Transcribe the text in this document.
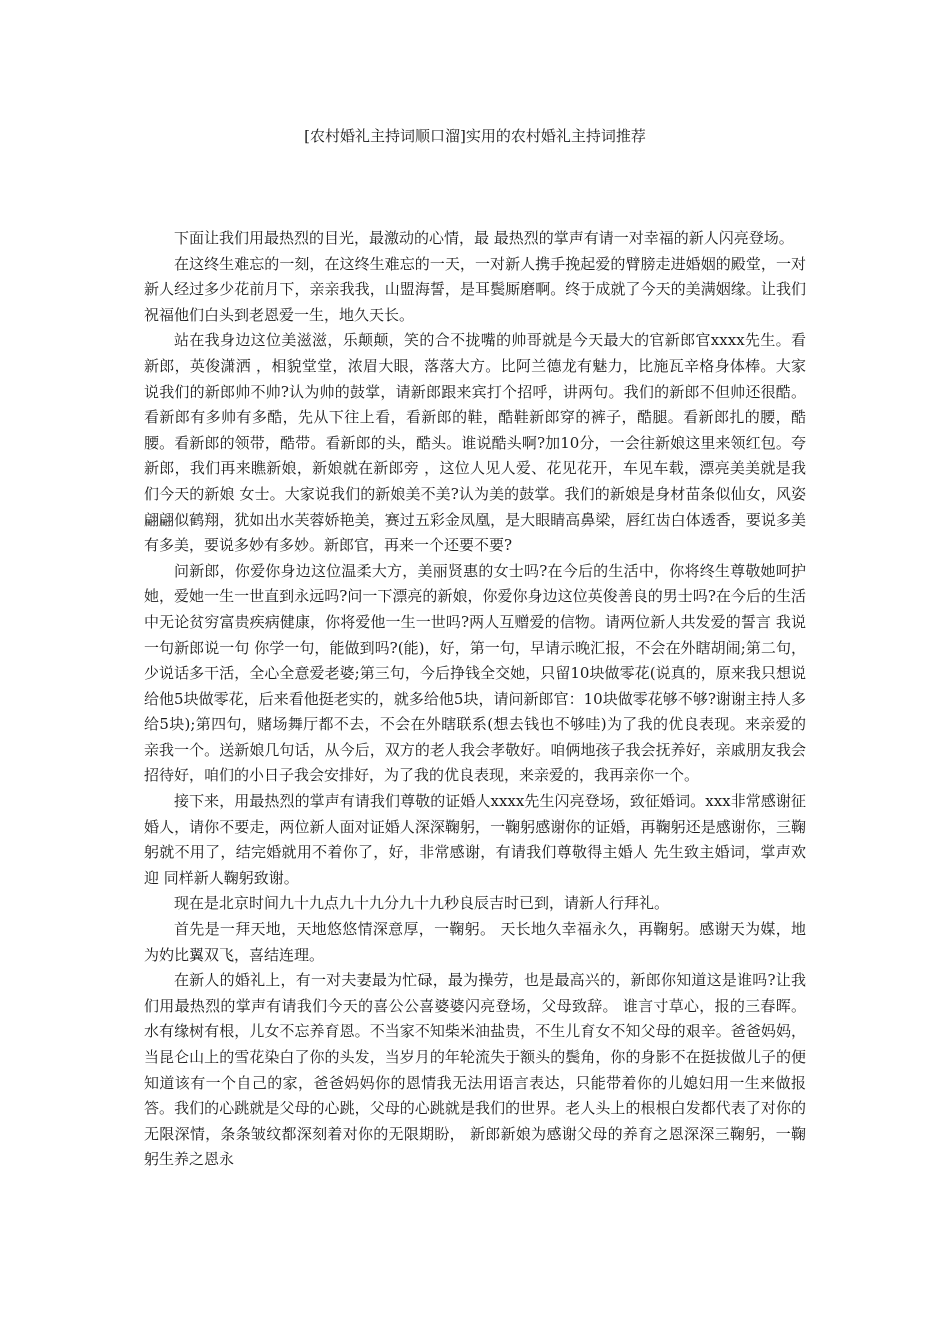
[农村婚礼主持词顺口溜]实用的农村婚礼主持词推荐

下面让我们用最热烈的目光，最激动的心情，最 最热烈的掌声有请一对幸福的新人闪亮登场。

在这终生难忘的一刻，在这终生难忘的一天，一对新人携手挽起爱的臂膀走进婚姻的殿堂，一对新人经过多少花前月下，亲亲我我，山盟海誓，是耳鬓厮磨啊。终于成就了今天的美满姻缘。让我们祝福他们白头到老恩爱一生，地久天长。

站在我身边这位美滋滋，乐颠颠，笑的合不拢嘴的帅哥就是今天最大的官新郎官xxxx先生。看新郎，英俊潇洒 ，相貌堂堂，浓眉大眼，落落大方。比阿兰德龙有魅力，比施瓦辛格身体棒。大家说我们的新郎帅不帅?认为帅的鼓掌，请新郎跟来宾打个招呼，讲两句。我们的新郎不但帅还很酷。看新郎有多帅有多酷，先从下往上看，看新郎的鞋，酷鞋新郎穿的裤子，酷腿。看新郎扎的腰，酷腰。看新郎的领带，酷带。看新郎的头，酷头。谁说酷头啊?加10分，一会往新娘这里来领红包。夸新郎，我们再来瞧新娘，新娘就在新郎旁 ，这位人见人爱、花见花开，车见车载，漂亮美美就是我们今天的新娘 女士。大家说我们的新娘美不美?认为美的鼓掌。我们的新娘是身材苗条似仙女，风姿翩翩似鹤翔，犹如出水芙蓉娇艳美，赛过五彩金凤凰，是大眼睛高鼻梁，唇红齿白体透香，要说多美有多美，要说多妙有多妙。新郎官，再来一个还要不要?

问新郎，你爱你身边这位温柔大方，美丽贤惠的女士吗?在今后的生活中，你将终生尊敬她呵护她，爱她一生一世直到永远吗?问一下漂亮的新娘，你爱你身边这位英俊善良的男士吗?在今后的生活中无论贫穷富贵疾病健康，你将爱他一生一世吗?两人互赠爱的信物。请两位新人共发爱的誓言 我说一句新郎说一句 你学一句，能做到吗?(能)，好，第一句，早请示晚汇报，不会在外瞎胡闹;第二句，少说话多干活，全心全意爱老婆;第三句，今后挣钱全交她，只留10块做零花(说真的，原来我只想说给他5块做零花，后来看他挺老实的，就多给他5块，请问新郎官：10块做零花够不够?谢谢主持人多给5块);第四句，赌场舞厅都不去，不会在外瞎联系(想去钱也不够哇)为了我的优良表现。来亲爱的亲我一个。送新娘几句话，从今后，双方的老人我会孝敬好。咱俩地孩子我会抚养好，亲戚朋友我会招待好，咱们的小日子我会安排好，为了我的优良表现，来亲爱的，我再亲你一个。

接下来，用最热烈的掌声有请我们尊敬的证婚人xxxx先生闪亮登场，致征婚词。xxx非常感谢征婚人，请你不要走，两位新人面对证婚人深深鞠躬，一鞠躬感谢你的证婚，再鞠躬还是感谢你，三鞠躬就不用了，结完婚就用不着你了，好，非常感谢，有请我们尊敬得主婚人 先生致主婚词，掌声欢迎 同样新人鞠躬致谢。

现在是北京时间九十九点九十九分九十九秒良辰吉时已到，请新人行拜礼。

首先是一拜天地，天地悠悠情深意厚，一鞠躬。 天长地久幸福永久，再鞠躬。感谢天为媒，地为妁比翼双飞，喜结连理。

在新人的婚礼上，有一对夫妻最为忙碌，最为操劳，也是最高兴的，新郎你知道这是谁吗?让我们用最热烈的掌声有请我们今天的喜公公喜婆婆闪亮登场，父母致辞。 谁言寸草心，报的三春晖。水有缘树有根，儿女不忘养育恩。不当家不知柴米油盐贵，不生儿育女不知父母的艰辛。爸爸妈妈，当昆仑山上的雪花染白了你的头发，当岁月的年轮流失于额头的鬓角，你的身影不在挺拔做儿子的便知道该有一个自己的家，爸爸妈妈你的恩情我无法用语言表达，只能带着你的儿媳妇用一生来做报答。我们的心跳就是父母的心跳，父母的心跳就是我们的世界。老人头上的根根白发都代表了对你的无限深情，条条皱纹都深刻着对你的无限期盼， 新郎新娘为感谢父母的养育之恩深深三鞠躬，一鞠躬生养之恩永
